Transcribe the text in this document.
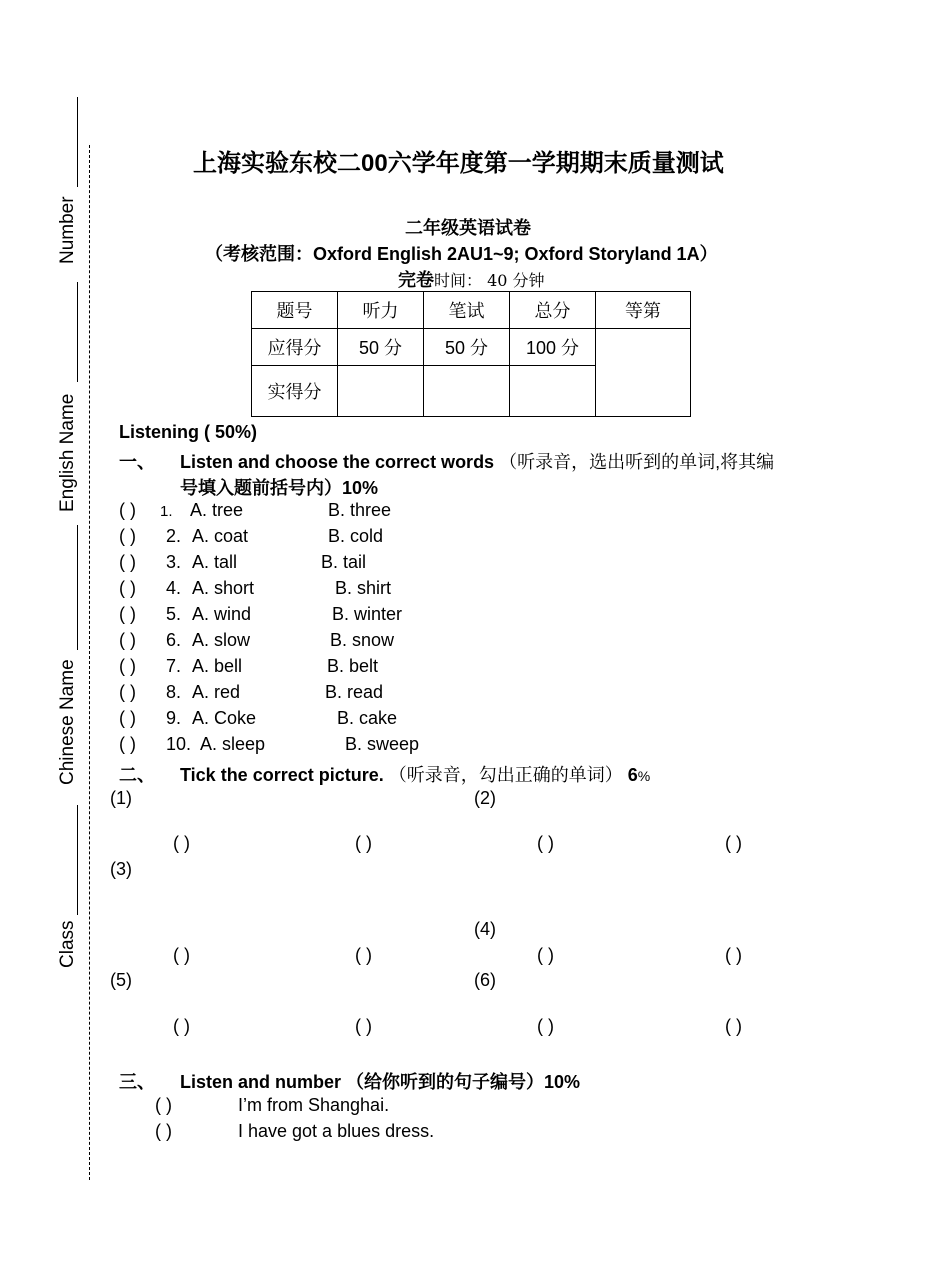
Number
English Name
Chinese Name
Class
上海实验东校二00六学年度第一学期期末质量测试
二年级英语试卷
（考核范围：Oxford English 2AU1~9; Oxford Storyland 1A）
完卷时间： 40 分钟
题号	听力	笔试	总分	等第
应得分	50 分	50 分	100 分	
实得分				
Listening ( 50%)
一、 Listen and choose the correct words （听录音，选出听到的单词,将其编
号填入题前括号内）10%
( ) 1. A. tree	B. three
( ) 2. A. coat	B. cold
( ) 3. A. tall	B. tail
( ) 4. A. short	B. shirt
( ) 5. A. wind	B. winter
( ) 6. A. slow	B. snow
( ) 7. A. bell	B. belt
( ) 8. A. red	B. read
( ) 9. A. Coke	B. cake
( ) 10. A. sleep	B. sweep
二、 Tick the correct picture. （听录音，勾出正确的单词） 6%
(1)	(2)
( )	( )	( )	( )
(3)
(4)
( )	( )	( )	( )
(5)	(6)
( )	( )	( )	( )
三、 Listen and number （给你听到的句子编号）10%
( )	I’m from Shanghai.
( )	I have got a blues dress.
